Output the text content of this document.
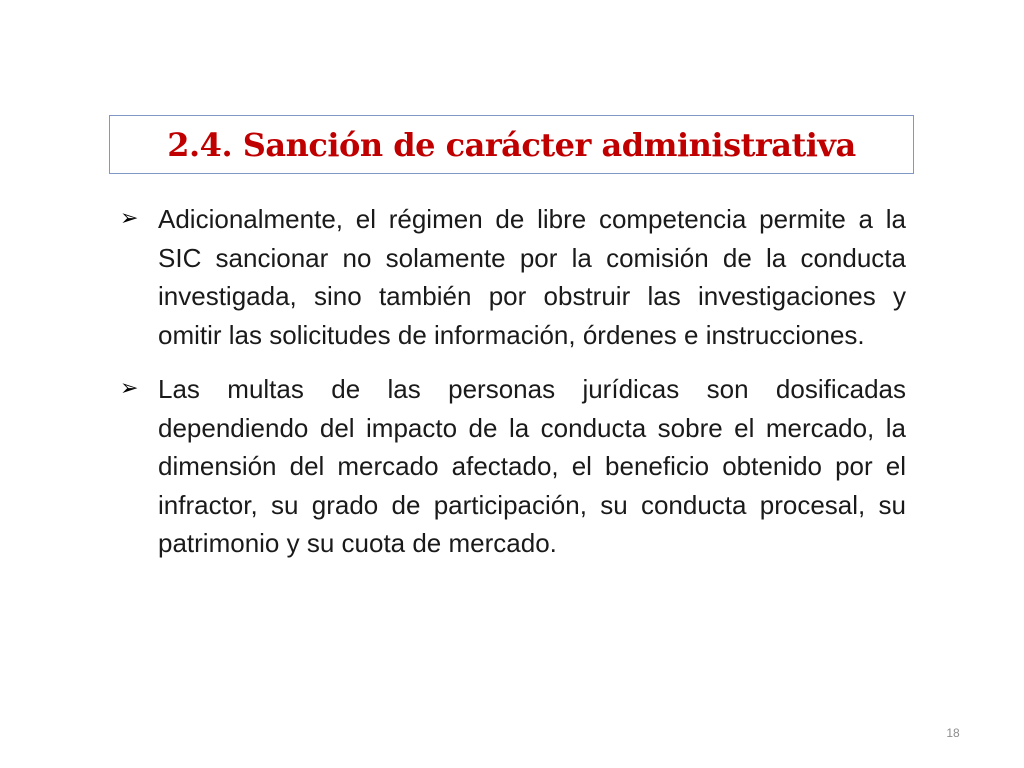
2.4. Sanción de carácter administrativa
➢ Adicionalmente, el régimen de libre competencia permite a la SIC sancionar no solamente por la comisión de la conducta investigada, sino también por obstruir las investigaciones y omitir las solicitudes de información, órdenes e instrucciones.
➢ Las multas de las personas jurídicas son dosificadas dependiendo del impacto de la conducta sobre el mercado, la dimensión del mercado afectado, el beneficio obtenido por el infractor, su grado de participación, su conducta procesal, su patrimonio y su cuota de mercado.
18
